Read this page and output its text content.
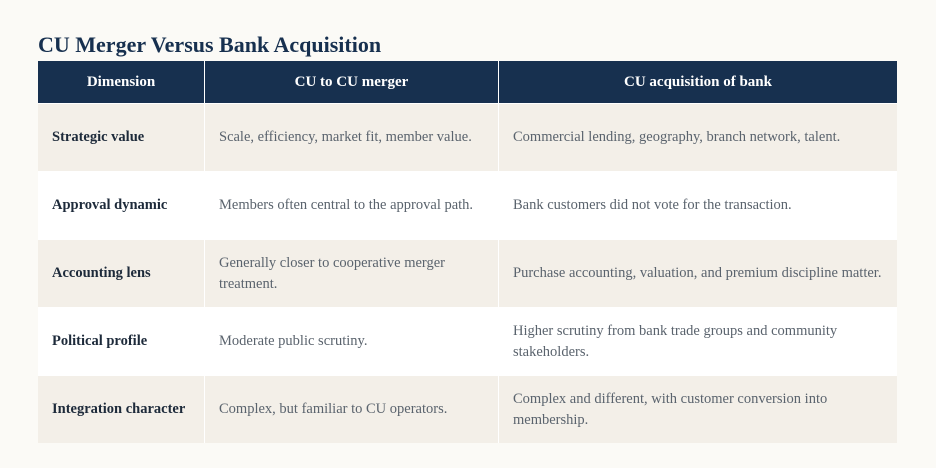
CU Merger Versus Bank Acquisition
Dimension	CU to CU merger	CU acquisition of bank
Strategic value	Scale, efficiency, market fit, member value.	Commercial lending, geography, branch network, talent.
Approval dynamic	Members often central to the approval path.	Bank customers did not vote for the transaction.
Accounting lens	Generally closer to cooperative merger treatment.	Purchase accounting, valuation, and premium discipline matter.
Political profile	Moderate public scrutiny.	Higher scrutiny from bank trade groups and community stakeholders.
Integration character	Complex, but familiar to CU operators.	Complex and different, with customer conversion into membership.
